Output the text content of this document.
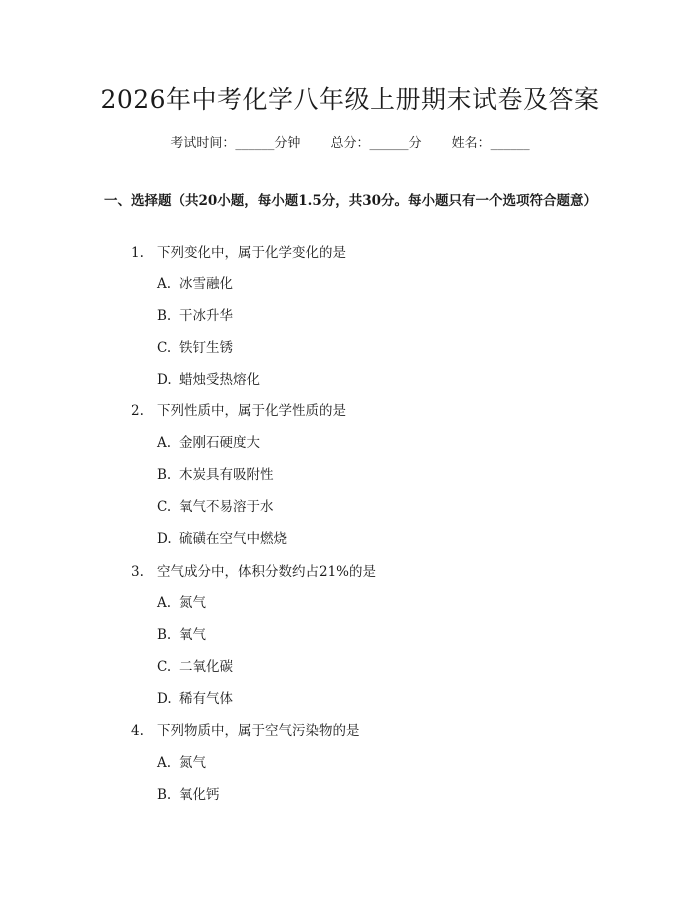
2026年中考化学八年级上册期末试卷及答案
考试时间：______分钟 总分：______分 姓名：______
一、选择题（共20小题，每小题1.5分，共30分。每小题只有一个选项符合题意）
1. 下列变化中，属于化学变化的是
A. 冰雪融化
B. 干冰升华
C. 铁钉生锈
D. 蜡烛受热熔化
2. 下列性质中，属于化学性质的是
A. 金刚石硬度大
B. 木炭具有吸附性
C. 氧气不易溶于水
D. 硫磺在空气中燃烧
3. 空气成分中，体积分数约占21%的是
A. 氮气
B. 氧气
C. 二氧化碳
D. 稀有气体
4. 下列物质中，属于空气污染物的是
A. 氮气
B. 氧化钙
